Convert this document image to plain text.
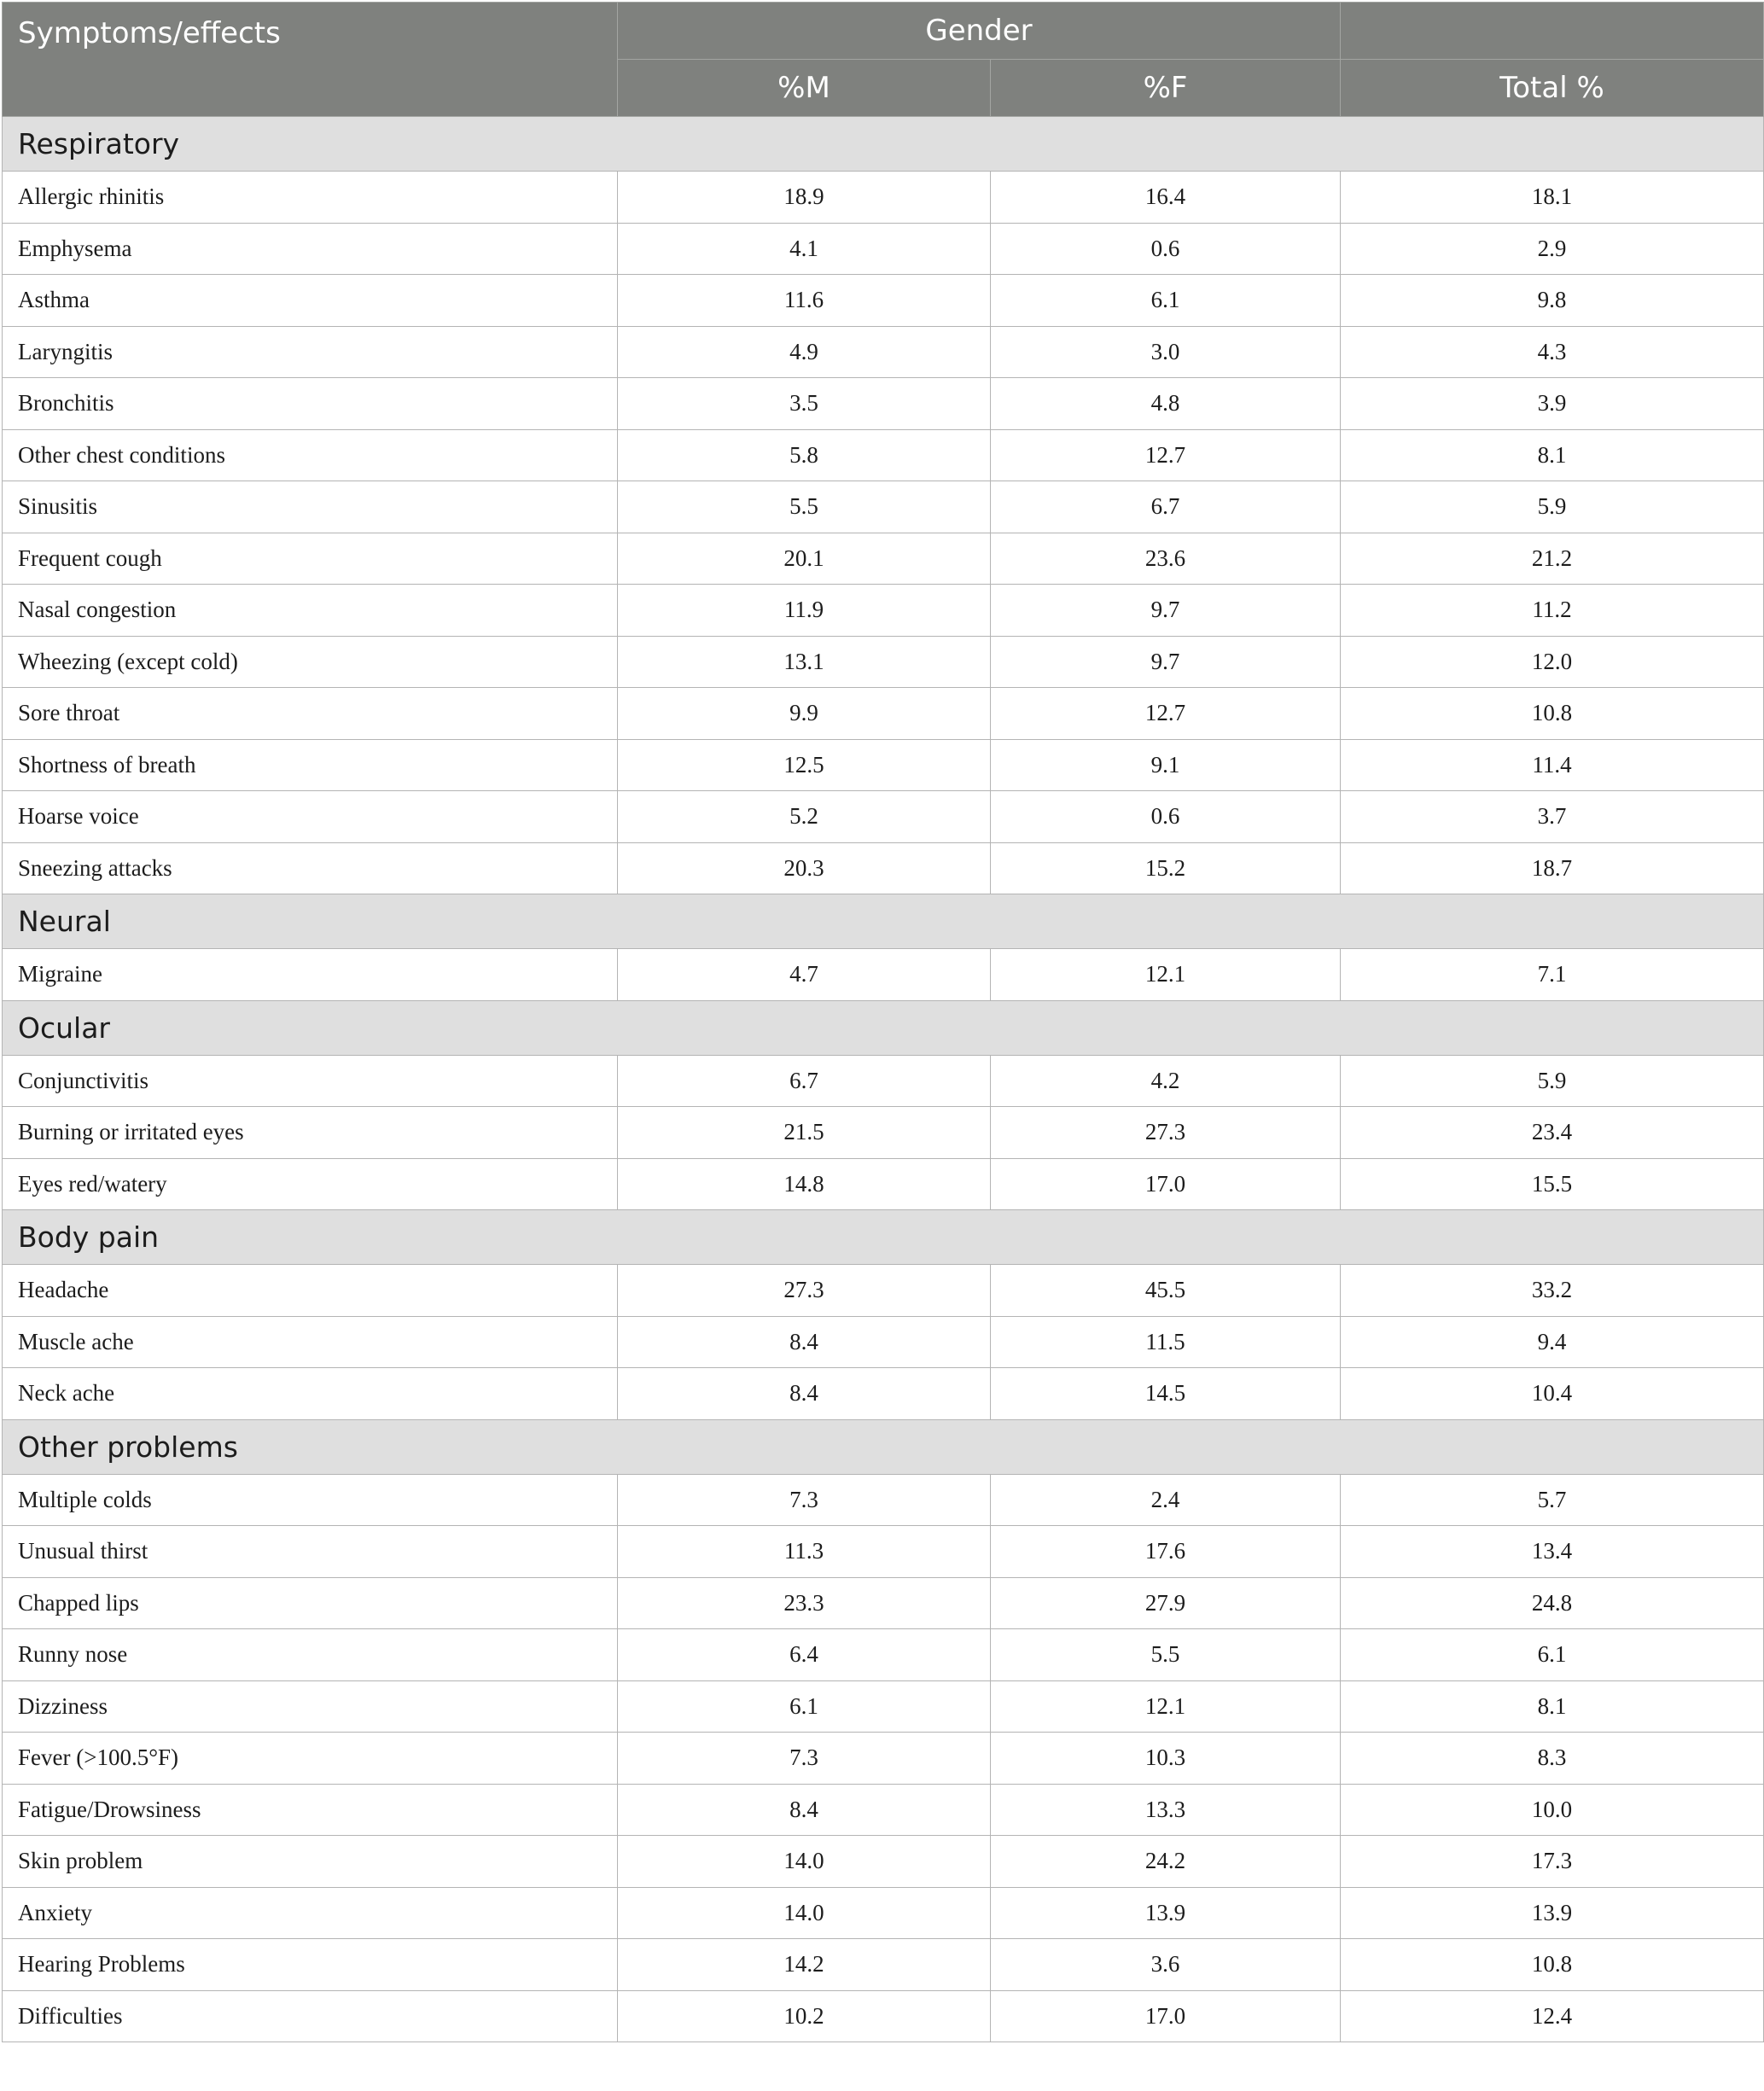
Symptoms/effects	Gender		
	%M	%F	Total %
Respiratory			
Allergic rhinitis	18.9	16.4	18.1
Emphysema	4.1	0.6	2.9
Asthma	11.6	6.1	9.8
Laryngitis	4.9	3.0	4.3
Bronchitis	3.5	4.8	3.9
Other chest conditions	5.8	12.7	8.1
Sinusitis	5.5	6.7	5.9
Frequent cough	20.1	23.6	21.2
Nasal congestion	11.9	9.7	11.2
Wheezing (except cold)	13.1	9.7	12.0
Sore throat	9.9	12.7	10.8
Shortness of breath	12.5	9.1	11.4
Hoarse voice	5.2	0.6	3.7
Sneezing attacks	20.3	15.2	18.7
Neural			
Migraine	4.7	12.1	7.1
Ocular			
Conjunctivitis	6.7	4.2	5.9
Burning or irritated eyes	21.5	27.3	23.4
Eyes red/watery	14.8	17.0	15.5
Body pain			
Headache	27.3	45.5	33.2
Muscle ache	8.4	11.5	9.4
Neck ache	8.4	14.5	10.4
Other problems			
Multiple colds	7.3	2.4	5.7
Unusual thirst	11.3	17.6	13.4
Chapped lips	23.3	27.9	24.8
Runny nose	6.4	5.5	6.1
Dizziness	6.1	12.1	8.1
Fever (>100.5°F)	7.3	10.3	8.3
Fatigue/Drowsiness	8.4	13.3	10.0
Skin problem	14.0	24.2	17.3
Anxiety	14.0	13.9	13.9
Hearing Problems	14.2	3.6	10.8
Difficulties	10.2	17.0	12.4
